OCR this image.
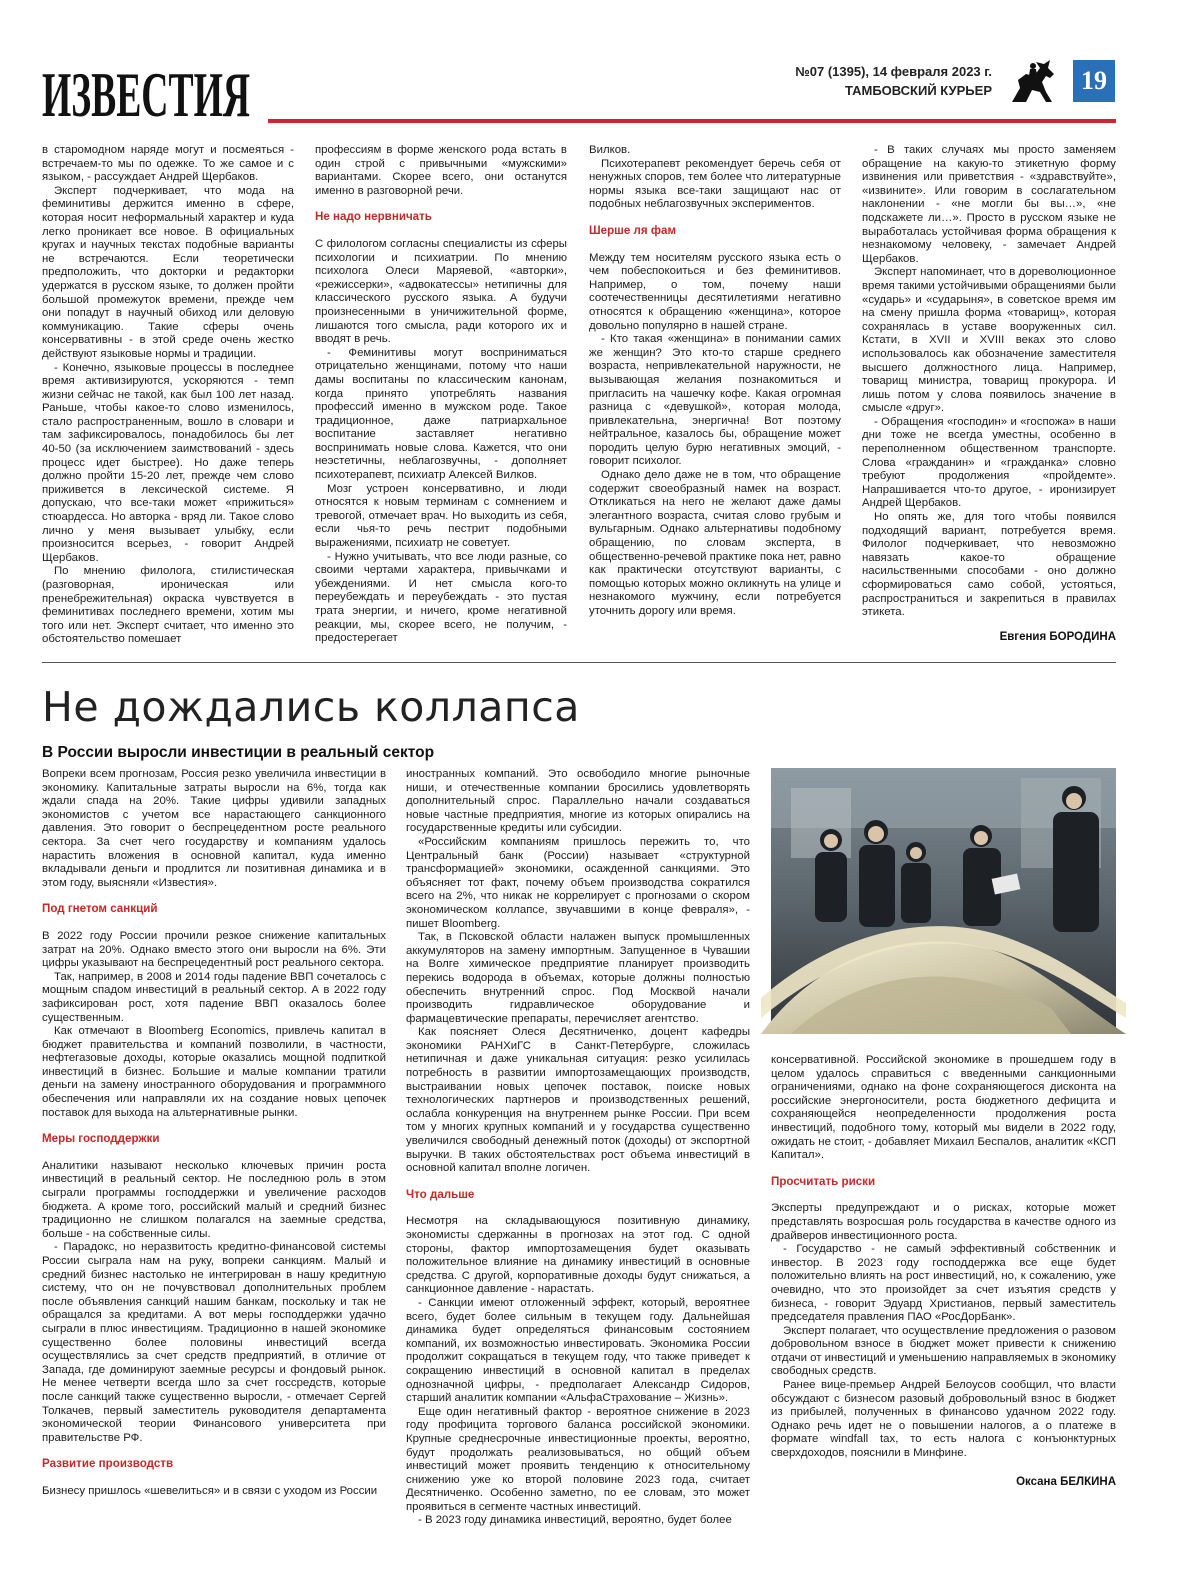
ИЗВЕСТИЯ	№07 (1395), 14 февраля 2023 г.
ТАМБОВСКИЙ КУРЬЕР	19

в старомодном наряде могут и посмеяться - встречаем-то мы по одежке. То же самое и с языком, - рассуждает Андрей Щербаков.

Эксперт подчеркивает, что мода на феминитивы держится именно в сфере, которая носит неформальный характер и куда легко проникает все новое. В официальных кругах и научных текстах подобные варианты не встречаются. Если теоретически предположить, что докторки и редакторки удержатся в русском языке, то должен пройти большой промежуток времени, прежде чем они попадут в научный обиход или деловую коммуникацию. Такие сферы очень консервативны - в этой среде очень жестко действуют языковые нормы и традиции.

- Конечно, языковые процессы в последнее время активизируются, ускоряются - темп жизни сейчас не такой, как был 100 лет назад. Раньше, чтобы какое-то слово изменилось, стало распространенным, вошло в словари и там зафиксировалось, понадобилось бы лет 40-50 (за исключением заимствований - здесь процесс идет быстрее). Но даже теперь должно пройти 15-20 лет, прежде чем слово приживется в лексической системе. Я допускаю, что все-таки может «прижиться» стюардесса. Но авторка - вряд ли. Такое слово лично у меня вызывает улыбку, если произносится всерьез, - говорит Андрей Щербаков.

По мнению филолога, стилистическая (разговорная, ироническая или пренебрежительная) окраска чувствуется в феминитивах последнего времени, хотим мы того или нет. Эксперт считает, что именно это обстоятельство помешает

профессиям в форме женского рода встать в один строй с привычными «мужскими» вариантами. Скорее всего, они останутся именно в разговорной речи.

Не надо нервничать

С филологом согласны специалисты из сферы психологии и психиатрии. По мнению психолога Олеси Маряевой, «авторки», «режиссерки», «адвокатессы» нетипичны для классического русского языка. А будучи произнесенными в уничижительной форме, лишаются того смысла, ради которого их и вводят в речь.

- Феминитивы могут восприниматься отрицательно женщинами, потому что наши дамы воспитаны по классическим канонам, когда принято употреблять названия профессий именно в мужском роде. Такое традиционное, даже патриархальное воспитание заставляет негативно воспринимать новые слова. Кажется, что они неэстетичны, неблагозвучны, - дополняет психотерапевт, психиатр Алексей Вилков.

Мозг устроен консервативно, и люди относятся к новым терминам с сомнением и тревогой, отмечает врач. Но выходить из себя, если чья-то речь пестрит подобными выражениями, психиатр не советует.

- Нужно учитывать, что все люди разные, со своими чертами характера, привычками и убеждениями. И нет смысла кого-то переубеждать и переубеждать - это пустая трата энергии, и ничего, кроме негативной реакции, мы, скорее всего, не получим, - предостерегает

Вилков.

Психотерапевт рекомендует беречь себя от ненужных споров, тем более что литературные нормы языка все-таки защищают нас от подобных неблагозвучных экспериментов.

Шерше ля фам

Между тем носителям русского языка есть о чем побеспокоиться и без феминитивов. Например, о том, почему наши соотечественницы десятилетиями негативно относятся к обращению «женщина», которое довольно популярно в нашей стране.

- Кто такая «женщина» в понимании самих же женщин? Это кто-то старше среднего возраста, непривлекательной наружности, не вызывающая желания познакомиться и пригласить на чашечку кофе. Какая огромная разница с «девушкой», которая молода, привлекательна, энергична! Вот поэтому нейтральное, казалось бы, обращение может породить целую бурю негативных эмоций, - говорит психолог.

Однако дело даже не в том, что обращение содержит своеобразный намек на возраст. Откликаться на него не желают даже дамы элегантного возраста, считая слово грубым и вульгарным. Однако альтернативы подобному обращению, по словам эксперта, в общественно-речевой практике пока нет, равно как практически отсутствуют варианты, с помощью которых можно окликнуть на улице и незнакомого мужчину, если потребуется уточнить дорогу или время.

- В таких случаях мы просто заменяем обращение на какую-то этикетную форму извинения или приветствия - «здравствуйте», «извините». Или говорим в сослагательном наклонении - «не могли бы вы…», «не подскажете ли…». Просто в русском языке не выработалась устойчивая форма обращения к незнакомому человеку, - замечает Андрей Щербаков.

Эксперт напоминает, что в дореволюционное время такими устойчивыми обращениями были «сударь» и «сударыня», в советское время им на смену пришла форма «товарищ», которая сохранялась в уставе вооруженных сил. Кстати, в XVII и XVIII веках это слово использовалось как обозначение заместителя высшего должностного лица. Например, товарищ министра, товарищ прокурора. И лишь потом у слова появилось значение в смысле «друг».

- Обращения «господин» и «госпожа» в наши дни тоже не всегда уместны, особенно в переполненном общественном транспорте. Слова «гражданин» и «гражданка» словно требуют продолжения «пройдемте». Напрашивается что-то другое, - иронизирует Андрей Щербаков.

Но опять же, для того чтобы появился подходящий вариант, потребуется время. Филолог подчеркивает, что невозможно навязать какое-то обращение насильственными способами - оно должно сформироваться само собой, устояться, распространиться и закрепиться в правилах этикета.

Евгения БОРОДИНА
Не дождались коллапса
В России выросли инвестиции в реальный сектор

Вопреки всем прогнозам, Россия резко увеличила инвестиции в экономику. Капитальные затраты выросли на 6%, тогда как ждали спада на 20%. Такие цифры удивили западных экономистов с учетом все нарастающего санкционного давления. Это говорит о беспрецедентном росте реального сектора. За счет чего государству и компаниям удалось нарастить вложения в основной капитал, куда именно вкладывали деньги и продлится ли позитивная динамика и в этом году, выясняли «Известия».

Под гнетом санкций

В 2022 году России прочили резкое снижение капитальных затрат на 20%. Однако вместо этого они выросли на 6%. Эти цифры указывают на беспрецедентный рост реального сектора.

Так, например, в 2008 и 2014 годы падение ВВП сочеталось с мощным спадом инвестиций в реальный сектор. А в 2022 году зафиксирован рост, хотя падение ВВП оказалось более существенным.

Как отмечают в Bloomberg Economics, привлечь капитал в бюджет правительства и компаний позволили, в частности, нефтегазовые доходы, которые оказались мощной подпиткой инвестиций в бизнес. Большие и малые компании тратили деньги на замену иностранного оборудования и программного обеспечения или направляли их на создание новых цепочек поставок для выхода на альтернативные рынки.

Меры господдержки

Аналитики называют несколько ключевых причин роста инвестиций в реальный сектор. Не последнюю роль в этом сыграли программы господдержки и увеличение расходов бюджета. А кроме того, российский малый и средний бизнес традиционно не слишком полагался на заемные средства, больше - на собственные силы.

- Парадокс, но неразвитость кредитно-финансовой системы России сыграла нам на руку, вопреки санкциям. Малый и средний бизнес настолько не интегрирован в нашу кредитную систему, что он не почувствовал дополнительных проблем после объявления санкций нашим банкам, поскольку и так не обращался за кредитами. А вот меры господдержки удачно сыграли в плюс инвестициям. Традиционно в нашей экономике существенно более половины инвестиций всегда осуществлялись за счет средств предприятий, в отличие от Запада, где доминируют заемные ресурсы и фондовый рынок. Не менее четверти всегда шло за счет госсредств, которые после санкций также существенно выросли, - отмечает Сергей Толкачев, первый заместитель руководителя департамента экономической теории Финансового университета при правительстве РФ.

Развитие производств

Бизнесу пришлось «шевелиться» и в связи с уходом из России

иностранных компаний. Это освободило многие рыночные ниши, и отечественные компании бросились удовлетворять дополнительный спрос. Параллельно начали создаваться новые частные предприятия, многие из которых опирались на государственные кредиты или субсидии.

«Российским компаниям пришлось пережить то, что Центральный банк (России) называет «структурной трансформацией» экономики, осажденной санкциями. Это объясняет тот факт, почему объем производства сократился всего на 2%, что никак не коррелирует с прогнозами о скором экономическом коллапсе, звучавшими в конце февраля», - пишет Bloomberg.

Так, в Псковской области налажен выпуск промышленных аккумуляторов на замену импортным. Запущенное в Чувашии на Волге химическое предприятие планирует производить перекись водорода в объемах, которые должны полностью обеспечить внутренний спрос. Под Москвой начали производить гидравлическое оборудование и фармацевтические препараты, перечисляет агентство.

Как поясняет Олеся Десятниченко, доцент кафедры экономики РАНХиГС в Санкт-Петербурге, сложилась нетипичная и даже уникальная ситуация: резко усилилась потребность в развитии импортозамещающих производств, выстраивании новых цепочек поставок, поиске новых технологических партнеров и производственных решений, ослабла конкуренция на внутреннем рынке России. При всем том у многих крупных компаний и у государства существенно увеличился свободный денежный поток (доходы) от экспортной выручки. В таких обстоятельствах рост объема инвестиций в основной капитал вполне логичен.

Что дальше

Несмотря на складывающуюся позитивную динамику, экономисты сдержанны в прогнозах на этот год. С одной стороны, фактор импортозамещения будет оказывать положительное влияние на динамику инвестиций в основные средства. С другой, корпоративные доходы будут снижаться, а санкционное давление - нарастать.

- Санкции имеют отложенный эффект, который, вероятнее всего, будет более сильным в текущем году. Дальнейшая динамика будет определяться финансовым состоянием компаний, их возможностью инвестировать. Экономика России продолжит сокращаться в текущем году, что также приведет к сокращению инвестиций в основной капитал в пределах однозначной цифры, - предполагает Александр Сидоров, старший аналитик компании «АльфаСтрахование – Жизнь».

Еще один негативный фактор - вероятное снижение в 2023 году профицита торгового баланса российской экономики. Крупные среднесрочные инвестиционные проекты, вероятно, будут продолжать реализовываться, но общий объем инвестиций может проявить тенденцию к относительному снижению уже ко второй половине 2023 года, считает Десятниченко. Особенно заметно, по ее словам, это может проявиться в сегменте частных инвестиций.

- В 2023 году динамика инвестиций, вероятно, будет более

консервативной. Российской экономике в прошедшем году в целом удалось справиться с введенными санкционными ограничениями, однако на фоне сохраняющегося дисконта на российские энергоносители, роста бюджетного дефицита и сохраняющейся неопределенности продолжения роста инвестиций, подобного тому, который мы видели в 2022 году, ожидать не стоит, - добавляет Михаил Беспалов, аналитик «КСП Капитал».

Просчитать риски

Эксперты предупреждают и о рисках, которые может представлять возросшая роль государства в качестве одного из драйверов инвестиционного роста.

- Государство - не самый эффективный собственник и инвестор. В 2023 году господдержка все еще будет положительно влиять на рост инвестиций, но, к сожалению, уже очевидно, что это произойдет за счет изъятия средств у бизнеса, - говорит Эдуард Христианов, первый заместитель председателя правления ПАО «РосДорБанк».

Эксперт полагает, что осуществление предложения о разовом добровольном взносе в бюджет может привести к снижению отдачи от инвестиций и уменьшению направляемых в экономику свободных средств.

Ранее вице-премьер Андрей Белоусов сообщил, что власти обсуждают с бизнесом разовый добровольный взнос в бюджет из прибылей, полученных в финансово удачном 2022 году. Однако речь идет не о повышении налогов, а о платеже в формате windfall tax, то есть налога с конъюнктурных сверхдоходов, пояснили в Минфине.

Оксана БЕЛКИНА
